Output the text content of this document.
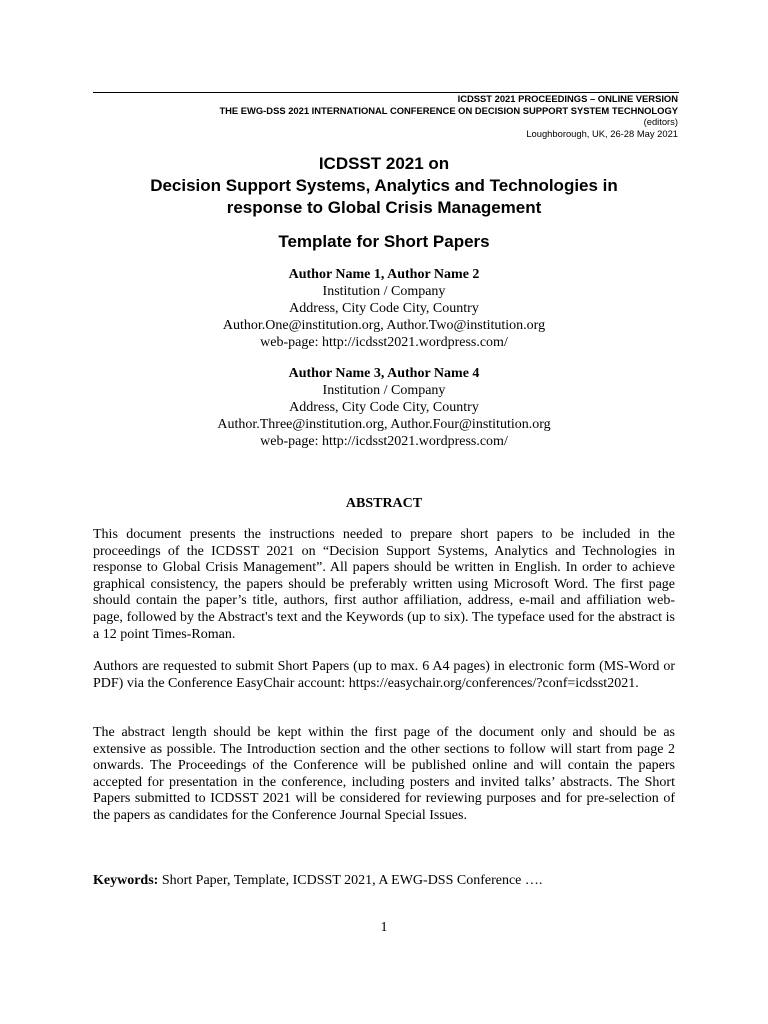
ICDSST 2021 PROCEEDINGS – ONLINE VERSION
THE EWG-DSS 2021 INTERNATIONAL CONFERENCE ON DECISION SUPPORT SYSTEM TECHNOLOGY
(editors)
Loughborough, UK, 26-28 May 2021
ICDSST 2021 on
Decision Support Systems, Analytics and Technologies in
response to Global Crisis Management
Template for Short Papers
Author Name 1, Author Name 2
Institution / Company
Address, City Code City, Country
Author.One@institution.org, Author.Two@institution.org
web-page: http://icdsst2021.wordpress.com/
Author Name 3, Author Name 4
Institution / Company
Address, City Code City, Country
Author.Three@institution.org, Author.Four@institution.org
web-page: http://icdsst2021.wordpress.com/
ABSTRACT

This document presents the instructions needed to prepare short papers to be included in the proceedings of the ICDSST 2021 on “Decision Support Systems, Analytics and Technologies in response to Global Crisis Management”. All papers should be written in English. In order to achieve graphical consistency, the papers should be preferably written using Microsoft Word. The first page should contain the paper’s title, authors, first author affiliation, address, e-mail and affiliation web-page, followed by the Abstract's text and the Keywords (up to six). The typeface used for the abstract is a 12 point Times-Roman.

Authors are requested to submit Short Papers (up to max. 6 A4 pages) in electronic form (MS-Word or PDF) via the Conference EasyChair account: https://easychair.org/conferences/?conf=icdsst2021.

The abstract length should be kept within the first page of the document only and should be as extensive as possible. The Introduction section and the other sections to follow will start from page 2 onwards. The Proceedings of the Conference will be published online and will contain the papers accepted for presentation in the conference, including posters and invited talks’ abstracts. The Short Papers submitted to ICDSST 2021 will be considered for reviewing purposes and for pre-selection of the papers as candidates for the Conference Journal Special Issues.

Keywords: Short Paper, Template, ICDSST 2021, A EWG-DSS Conference ….
1
